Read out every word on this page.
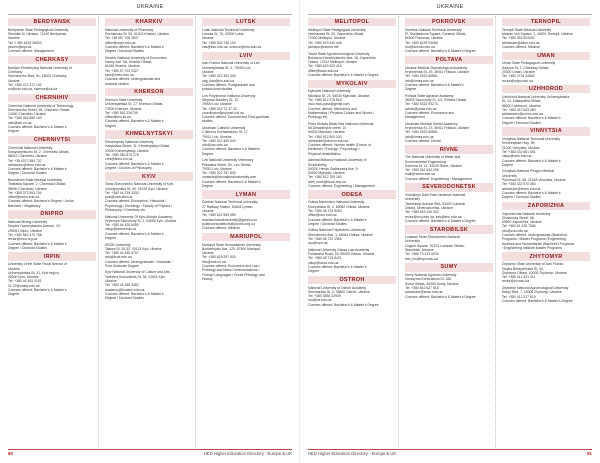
UKRAINE
BERDYANSK
Berdyansk State Pedagogical University
Shmidta St. Ukraine, 71100 Berdyansk,
Ukraine
Tel: + 380 6153 36520
pkvmu@kipl.ua
Courses offered: Management
CHERKASY
Bohdan Khmelnytsyi National University of
Cherkasy
Shevchenko Blvd. 81, 18000 Cherkasy,
Ukraine
Tel: +380 472 372 142
rcr@cdu.edu.ua, science@ck.ua
CHERNIHIV
Chernihiv National University of Technology
Shevchenka Street, 95, Chernihiv Oblast,
14000 Chernihiv, Ukraine
Tel: +380 462 665 163
cstu@stu.cn.ua
Courses offered: Bachelor's & Master's
Degree
CHERNIVTSI
Chernivtsi National University
Kotsyubynskoho St. 2, Chernivtsi Oblast,
58012 Chernivtsi, Ukraine
Tel: +38 0372 584 737
admission@chnu.edu.ua
Courses offered: Bachelor's & Master's
Degree / Doctoral Studies
Bukovinian State Medical University
Teatralna Square, 2, Chernivtsi Oblast,
58000 Chernivtsi, Ukraine
Tel: +380 372 553 754
office@bsmu.edu.ua
Courses offered: Bachelor's Degree / Junior
Bachelor / Magistracy
DNIPRO
National Mining University
Dmytra Yavornytskoho Avenue, 19,
49005 Dnipro, Ukraine
Tel: +380 562 470 766
rector@nmu.org.ua
Courses offered: Bachelor's & Master's
Degree / Doctoral Studies
IRPIN
University of the State Fiscal Service of
Ukraine
Universytetska St. 31, Kyiv region,
08200 Irpin, Ukraine
Tel: +380 44 492 0101
11-22@nusta.edu.ua
Courses offered: Bachelor's & Master's
Degree
KHARKIV
National University of Pharmacy
Pushkinska St. 53, 61002 Kharkiv, Ukraine
Tel: +38 057 706 3507
office@nuph.edu.ua
Courses offered: Bachelor's & Master's
Degree / Doctoral Studies
Kharkiv National University of Economics
Nauky Ave. 9A, Kharkiv Oblast,
61166 Kharkiv, Ukraine
Tel: +380 57 702 0327
secr@hneu.edu.ua
Courses offered: Undergraduate and
doctoral studies
KHERSON
Kherson State University
Universytetska St, 27, Kherson Oblast,
73000 Kherson, Ukraine
Tel: +380 552 326705
office@ksu.ks.ua
Courses offered: Bachelor's & Master's
Degree
KHMELNYTSKYI
Khmelnytsky National University
Instytutska Street, 11, Khmelnytskyi Oblast,
29000 Khmelnytskyi, Ukraine
Tel: +380 382 670 276
zrek@khnu.km.ua
Courses offered: Bachelor's & Master's
Degree / Doctors of Philosophy
KYIV
Taras Shevchenko National University of Kyiv
Volodymyrska St, 60, 01033 Kyiv, Ukraine
Tel: +380 44 239 3333
post@univ.kiev.ua
Courses offered: Economics / Historical /
Psychology / Sociology / Faculty of Physics /
Philosophy / Chemistry etc.
National University Of Kyiv-Mohyla Academy
Hryhoriya Skovorody St, 2, 04655 Kyiv, Ukraine
Tel: +380 44 425 6059
vstup@ukma.edu.ua
Courses offered: Bachelor's & Master's
Degree
KROK University
Tabora St, 30-32, 03113 Kyiv, Ukraine
Tel: +380 44 455 5707
info@krok.edu.ua
Courses offered: Undergraduate / Graduate /
Post Graduate Degree
Kyiv National University of Culture and Arts
Yevhena Konovaltsia St, 36, 01601 Kyiv,
Ukraine
Tel: +380 44 285 3483
academy@knukim.edu.ua
Courses offered: Bachelor's & Master's
Degree / Doctoral Studies
LUTSK
Lutsk National Technical University
Lvivska St, 75, 43000 Lutsk,
Ukraine
Tel: +380 332 746 103
zak@lntu.edu.ua, science@lntu.edu.ua
LVIV
Ivan Franko National University of Lviv
Universytetska St, 1, 79000 Lviv,
Ukraine
Tel: +380 322 394 305
zag_kan@lnu.edu.ua
Courses offered: Postgraduate and
postdoctoral studies
Lviv Polytechnic National University
Stepana Bandery St, 12,
79000 Lviv, Ukraine
Tel: +380 322 72 47 33
coordinator@polynet.lviv.ua
Courses offered: Doctoral and Post-graduate
studies
Ukrainian Catholic University
2 Ilariona Sventsitskoho St, 17
79011 Lviv, Ukraine
Tel: +380 322 409 940
info@ucu.edu.ua
Courses offered: Bachelor's & Masters
Degree
Lviv National University Veterinary
Pekarska Street, 50, Lviv Oblast,
79010 Lviv, Ukraine
Tel: +380 322 757 830
contacts@lvivnationaluniversity.com
Courses offered: Bachelor's & Master's
Degree
LYMAN
Donbas National Technical University
27 Railway Station, 84404 Lyman,
Ukraine
Tel: +380 622 555 555
donnaschnicaluniversity@gmail.com
publicconsultations@donntu.org.ua
Courses offered: Medical
MARIUPOL
Mariupol State Humanitarian University
Budivelnykiv Ave, 129, 87500 Mariupol,
Ukraine
Tel: +380 629 537 500
info@mdu.in.ua
Courses offered: Economics and Law /
Philology and Mass Communications /
Foreign Languages / Greek Philology and
History
80	HED Higher Education Directory - Europe & UK
UKRAINE
MELITOPOL
Melitopol State Pedagogical University
Hetmanska St, 20, Zaporizhia Oblast,
72300 Melitopol, Ukraine
Tel: +380 619 440 446
pkmdpu@ukrnet.net
Tavria State Agrotechnological University
Bohdana Khmelnytskoho Ave, 18, Zaporizhia
Oblast, 72312 Melitopol, Ukraine
Tel: +380 619 420 416
office@tsatu.edu.ua
Courses offered: Bachelor's & Master's Degree
MYKOLAIV
Mykolaiv National University
Nikolska St, 24, 54030 Mykolaiv, Ukraine
Tel: +380 512 376 815
rouu.mdu-pass@gmail.com
Courses offered: Mechanics and
Mathematics / Physical Culture and Sports /
Philology etc.
Petro Mohyla Black Sea National University
68 Desantnykiv street, 10
54003 Mykolaiv, Ukraine
Tel: +380 512 500 333
admission@chmnu.edu.ua
Courses offered: Human health (Doctor of
Medicine) / Ecology / Psychology /
Physical rehabilitation
Admiral Makarov National University of
Shipbuilding
54025, Heroiv Stalinhrada Ave, 9,
54000 Mykolaiv, Ukraine
Tel: +380 512 709 160
adm_nuos@nuos.edu.ua
Courses offered: Engineering / Management
ODESA
Odesa Mechnikov National University
Dvoryanska St, 2, 65082 Odesa, Ukraine
Tel: +380 48 723 5254
office@onu.edu.ua
Courses offered: Bachelor's & Master's
Degree / Doctoral Studies
Odesa National Polytechnic University
Shevchenko Ave, 1, 65044 Odesa, Ukraine
Tel: +380 48 722 1965
opu@opu.ua
National University Odesa Law Academy
Fontanska Road, 23, 65009 Odesa, Ukraine
Tel: +380 48 719 8421
vstup@onua.edu.ua
Courses offered: Bachelor's & Master's
Degree
OSTROH
National University of Ostroh Academy
Seminarska St, 2, 35800 Ostroh, Ukraine
Tel: +380 3654 22949
rou@oa.edu.ua
Courses offered: Bachelor's & Master's Degree
POKROVSK
Donetsk National Technical University
Pl. Shybankova Square, Donetsk Oblast,
85300 Pokrovsk, Ukraine
Tel: +380 6239 03080
rus@donntu.edu.ua
Courses offered: Bachelor's & Master's Degree
POLTAVA
Ukraine Medical Stomatological Academy
Hryhorenka St, 29, 36011 Poltava, Ukraine
Tel: +380 5322 60851
info@umsa.edu.ua
Courses offered: Bachelor's & Master's
Degree
Poltava State Agrarian Academy
36003 Skovorody St, 1/3, Poltava Oblast,
Tel: +380 5322 50273
admis@pdaa.edu.ua
Courses offered: Economics and
Management
Ukrainian Medical Dental Academy
Hryhorenka St, 23, 36011 Poltava, Ukraine
Tel: +380 5322 60881
info@umsa.edu.ua
Courses offered: Dental
RIVNE
The National University of Water and
Environmental Engineering
Soborna St, 11, 33028 Rivne, Ukraine
Tel: +380 362 633 209
mail@nuwm.edu.ua
Courses offered: Engineering / Management
SEVERODONETSK
Volodymyr Dahl East Ukrainian National
University
Tsentralnyi Avenue 59A, 93400 Lukansk
Oblast, Severodonetsk, Ukraine
Tel: +380 645 240 342
rector@snu.edu.ua, info@snu.edu.ua
Courses offered: Bachelor's & Master's Degree
STAROBILSK
Luhansk Taras Shevchenko National
University
Goguel Square, 92703 Luhansk Oblast,
Starobilsk, Ukraine
Tel: +380 73 413 0020
info_lnu@lnpu.edu.ua
SUMY
Sumy National Agrarian University
Herasyma Kondratieva St, 160,
Sumy Oblast, 40000 Sumy, Ukraine
Tel: +380 542 627 818
admission@snau.edu.ua
Courses offered: Bachelor's & Master's Degree
TERNOPIL
Ternopil State Medical University
Maidan Voli Square, 1, 46001 Ternopil, Ukraine
Tel: +380 352 524492
admission@tdmu.edu.ua
Courses offered: Medical
UMAN
Uman State Pedagogical University
Sadova St, 2, Cherkasy Oblast,
20300 Uman, Ukraine
Tel: +380 4744 34582
rector@udpu.edu.ua
UZHHOROD
Uzhhorod National University Universytetska
St, 14, Zakarpattia Oblast,
88000 Uzhhorod, Ukraine
Tel: +380 312 643 084
admissions@uzhnu.edu.ua
Courses offered: Bachelor's & Master's
Degree / Doctoral Studies
VINNYTSIA
Vinnytsia National Technical University
Khmelnytske Hwy, 95,
21000 Vinnytsia, Ukraine
Tel: +380 432 651 651
vstup@vntu.edu.ua
Courses offered: Bachelor's & Master's
Degree
Vinnytsia National Pirogov Medical
University
Pyrohova St, 56, 21018 Vinnytsia, Ukraine
Tel: +380 432 570 360
admission@vnmu.edu.ua
Courses offered: Bachelor's & Master's
Degree / Doctoral Studies
ZAPORIZHIA
Zaporizhzhia National University
Zhukovsky Street, 66,
69600 Zaporizhia, Ukraine
Tel: +380 61 228 7566
info@znu.edu.ua
Courses offered: Undergraduate (Bachelor)
Programs / Master Programs (Engineering,
Auditors and Humanitarian (Bachelor) Programs
/ Engineering Institute Master Programs
ZHYTOMYR
Zhytomyr State University of Ivan Franko
Velyka Berdychivska St, 40,
Zhytomyr Oblast, 10008 Zhytomyr, Ukraine
Tel: +380 412 431 411
rector@zu.edu.ua
Zhytomyr National Agroecological University
Staryi Blvd, 7, 10008 Zhytomyr, Ukraine
Tel: +380 412 227 619
Courses offered: Bachelor's & Master's Degree
HED Higher Education Directory - Europe & UK	81
